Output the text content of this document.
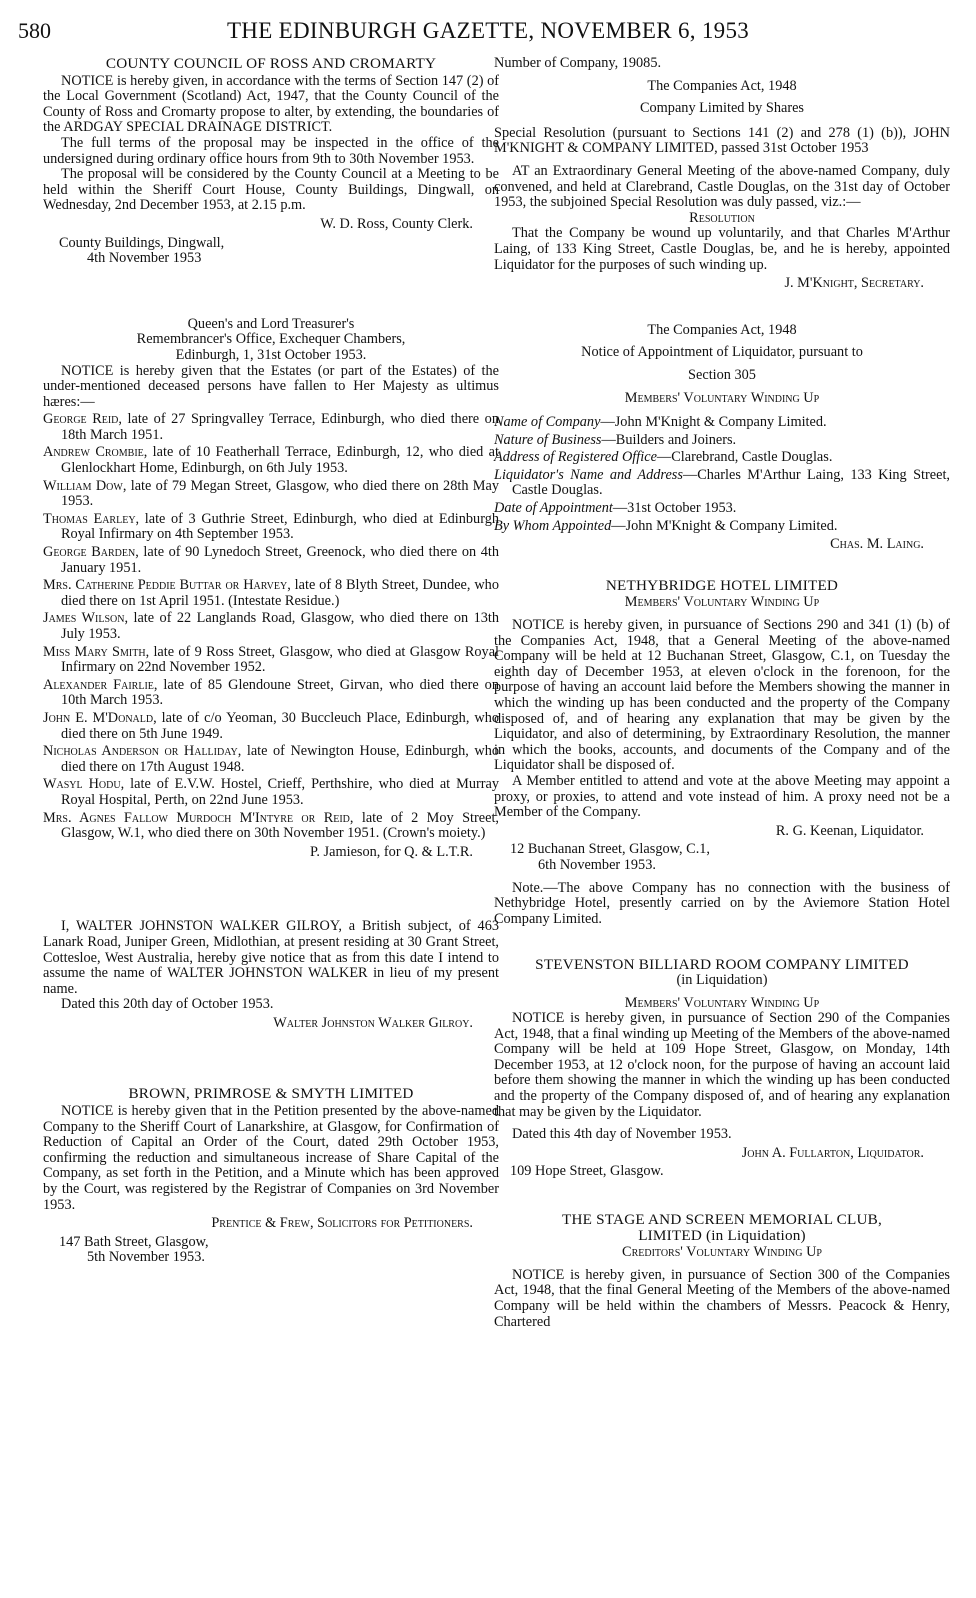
580	THE EDINBURGH GAZETTE, NOVEMBER 6, 1953

COUNTY COUNCIL OF ROSS AND CROMARTY

NOTICE is hereby given, in accordance with the terms of Section 147 (2) of the Local Government (Scotland) Act, 1947, that the County Council of the County of Ross and Cromarty propose to alter, by extending, the boundaries of the ARDGAY SPECIAL DRAINAGE DISTRICT.

The full terms of the proposal may be inspected in the office of the undersigned during ordinary office hours from 9th to 30th November 1953.

The proposal will be considered by the County Council at a Meeting to be held within the Sheriff Court House, County Buildings, Dingwall, on Wednesday, 2nd December 1953, at 2.15 p.m.

W. D. Ross, County Clerk.

County Buildings, Dingwall,

4th November 1953

Queen's and Lord Treasurer's

Remembrancer's Office, Exchequer Chambers,

Edinburgh, 1, 31st October 1953.

NOTICE is hereby given that the Estates (or part of the Estates) of the under-mentioned deceased persons have fallen to Her Majesty as ultimus hæres:—

George Reid, late of 27 Springvalley Terrace, Edinburgh, who died there on 18th March 1951.

Andrew Crombie, late of 10 Featherhall Terrace, Edinburgh, 12, who died at Glenlockhart Home, Edinburgh, on 6th July 1953.

William Dow, late of 79 Megan Street, Glasgow, who died there on 28th May 1953.

Thomas Earley, late of 3 Guthrie Street, Edinburgh, who died at Edinburgh Royal Infirmary on 4th September 1953.

George Barden, late of 90 Lynedoch Street, Greenock, who died there on 4th January 1951.

Mrs. Catherine Peddie Buttar or Harvey, late of 8 Blyth Street, Dundee, who died there on 1st April 1951. (Intestate Residue.)

James Wilson, late of 22 Langlands Road, Glasgow, who died there on 13th July 1953.

Miss Mary Smith, late of 9 Ross Street, Glasgow, who died at Glasgow Royal Infirmary on 22nd November 1952.

Alexander Fairlie, late of 85 Glendoune Street, Girvan, who died there on 10th March 1953.

John E. M'Donald, late of c/o Yeoman, 30 Buccleuch Place, Edinburgh, who died there on 5th June 1949.

Nicholas Anderson or Halliday, late of Newington House, Edinburgh, who died there on 17th August 1948.

Wasyl Hodu, late of E.V.W. Hostel, Crieff, Perthshire, who died at Murray Royal Hospital, Perth, on 22nd June 1953.

Mrs. Agnes Fallow Murdoch M'Intyre or Reid, late of 2 Moy Street, Glasgow, W.1, who died there on 30th November 1951. (Crown's moiety.)

P. Jamieson, for Q. & L.T.R.

I, WALTER JOHNSTON WALKER GILROY, a British subject, of 463 Lanark Road, Juniper Green, Midlothian, at present residing at 30 Grant Street, Cottesloe, West Australia, hereby give notice that as from this date I intend to assume the name of WALTER JOHNSTON WALKER in lieu of my present name.

Dated this 20th day of October 1953.

Walter Johnston Walker Gilroy.

BROWN, PRIMROSE & SMYTH LIMITED

NOTICE is hereby given that in the Petition presented by the above-named Company to the Sheriff Court of Lanarkshire, at Glasgow, for Confirmation of Reduction of Capital an Order of the Court, dated 29th October 1953, confirming the reduction and simultaneous increase of Share Capital of the Company, as set forth in the Petition, and a Minute which has been approved by the Court, was registered by the Registrar of Companies on 3rd November 1953.

Prentice & Frew, Solicitors for Petitioners.

147 Bath Street, Glasgow,

5th November 1953.

Number of Company, 19085.

The Companies Act, 1948

Company Limited by Shares

Special Resolution (pursuant to Sections 141 (2) and 278 (1) (b)), JOHN M'KNIGHT & COMPANY LIMITED, passed 31st October 1953

AT an Extraordinary General Meeting of the above-named Company, duly convened, and held at Clarebrand, Castle Douglas, on the 31st day of October 1953, the subjoined Special Resolution was duly passed, viz.:—

Resolution

That the Company be wound up voluntarily, and that Charles M'Arthur Laing, of 133 King Street, Castle Douglas, be, and he is hereby, appointed Liquidator for the purposes of such winding up.

J. M'Knight, Secretary.

The Companies Act, 1948

Notice of Appointment of Liquidator, pursuant to

Section 305

Members' Voluntary Winding Up

Name of Company—John M'Knight & Company Limited.

Nature of Business—Builders and Joiners.

Address of Registered Office—Clarebrand, Castle Douglas.

Liquidator's Name and Address—Charles M'Arthur Laing, 133 King Street, Castle Douglas.

Date of Appointment—31st October 1953.

By Whom Appointed—John M'Knight & Company Limited.

Chas. M. Laing.

NETHYBRIDGE HOTEL LIMITED

Members' Voluntary Winding Up

NOTICE is hereby given, in pursuance of Sections 290 and 341 (1) (b) of the Companies Act, 1948, that a General Meeting of the above-named Company will be held at 12 Buchanan Street, Glasgow, C.1, on Tuesday the eighth day of December 1953, at eleven o'clock in the forenoon, for the purpose of having an account laid before the Members showing the manner in which the winding up has been conducted and the property of the Company disposed of, and of hearing any explanation that may be given by the Liquidator, and also of determining, by Extraordinary Resolution, the manner in which the books, accounts, and documents of the Company and of the Liquidator shall be disposed of.

A Member entitled to attend and vote at the above Meeting may appoint a proxy, or proxies, to attend and vote instead of him. A proxy need not be a Member of the Company.

R. G. Keenan, Liquidator.

12 Buchanan Street, Glasgow, C.1,

6th November 1953.

Note.—The above Company has no connection with the business of Nethybridge Hotel, presently carried on by the Aviemore Station Hotel Company Limited.

STEVENSTON BILLIARD ROOM COMPANY LIMITED

(in Liquidation)

Members' Voluntary Winding Up

NOTICE is hereby given, in pursuance of Section 290 of the Companies Act, 1948, that a final winding up Meeting of the Members of the above-named Company will be held at 109 Hope Street, Glasgow, on Monday, 14th December 1953, at 12 o'clock noon, for the purpose of having an account laid before them showing the manner in which the winding up has been conducted and the property of the Company disposed of, and of hearing any explanation that may be given by the Liquidator.

Dated this 4th day of November 1953.

John A. Fullarton, Liquidator.

109 Hope Street, Glasgow.

THE STAGE AND SCREEN MEMORIAL CLUB,

LIMITED (in Liquidation)

Creditors' Voluntary Winding Up

NOTICE is hereby given, in pursuance of Section 300 of the Companies Act, 1948, that the final General Meeting of the Members of the above-named Company will be held within the chambers of Messrs. Peacock & Henry, Chartered
